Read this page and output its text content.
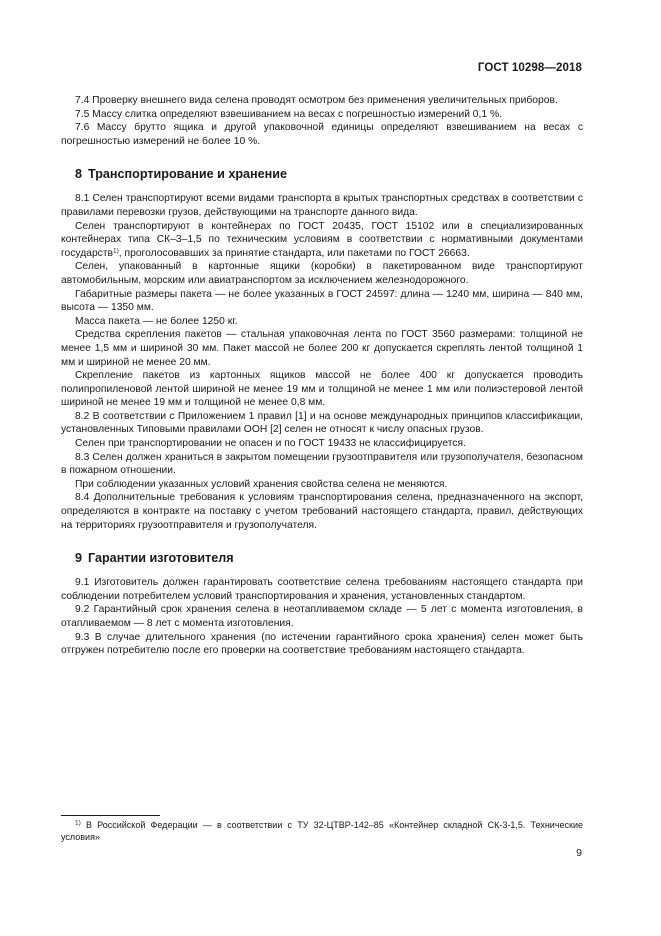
ГОСТ 10298—2018

7.4 Проверку внешнего вида селена проводят осмотром без применения увеличительных приборов.

7.5 Массу слитка определяют взвешиванием на весах с погрешностью измерений 0,1 %.

7.6 Массу брутто ящика и другой упаковочной единицы определяют взвешиванием на весах с погрешностью измерений не более 10 %.

8 Транспортирование и хранение

8.1 Селен транспортируют всеми видами транспорта в крытых транспортных средствах в соответствии с правилами перевозки грузов, действующими на транспорте данного вида.

Селен транспортируют в контейнерах по ГОСТ 20435, ГОСТ 15102 или в специализированных контейнерах типа СК–3–1,5 по техническим условиям в соответствии с нормативными документами государств$^{1)}$, проголосовавших за принятие стандарта, или пакетами по ГОСТ 26663.

Селен, упакованный в картонные ящики (коробки) в пакетированном виде транспортируют автомобильным, морским или авиатранспортом за исключением железнодорожного.

Габаритные размеры пакета — не более указанных в ГОСТ 24597: длина — 1240 мм, ширина — 840 мм, высота — 1350 мм.

Масса пакета — не более 1250 кг.

Средства скрепления пакетов — стальная упаковочная лента по ГОСТ 3560 размерами: толщиной не менее 1,5 мм и шириной 30 мм. Пакет массой не более 200 кг допускается скреплять лентой толщиной 1 мм и шириной не менее 20 мм.

Скрепление пакетов из картонных ящиков массой не более 400 кг допускается проводить полипропиленовой лентой шириной не менее 19 мм и толщиной не менее 1 мм или полиэстеровой лентой шириной не менее 19 мм и толщиной не менее 0,8 мм.

8.2 В соответствии с Приложением 1 правил [1] и на основе международных принципов классификации, установленных Типовыми правилами ООН [2] селен не относят к числу опасных грузов.

Селен при транспортировании не опасен и по ГОСТ 19433 не классифицируется.

8.3 Селен должен храниться в закрытом помещении грузоотправителя или грузополучателя, безопасном в пожарном отношении.

При соблюдении указанных условий хранения свойства селена не меняются.

8.4 Дополнительные требования к условиям транспортирования селена, предназначенного на экспорт, определяются в контракте на поставку с учетом требований настоящего стандарта, правил, действующих на территориях грузоотправителя и грузополучателя.

9 Гарантии изготовителя

9.1 Изготовитель должен гарантировать соответствие селена требованиям настоящего стандарта при соблюдении потребителем условий транспортирования и хранения, установленных стандартом.

9.2 Гарантийный срок хранения селена в неотапливаемом складе — 5 лет с момента изготовления, в отапливаемом — 8 лет с момента изготовления.

9.3 В случае длительного хранения (по истечении гарантийного срока хранения) селен может быть отгружен потребителю после его проверки на соответствие требованиям настоящего стандарта.

$^{1)}$ В Российской Федерации — в соответствии с ТУ 32-ЦТВР-142–85 «Контейнер складной СК-3-1,5. Технические условия»
9
